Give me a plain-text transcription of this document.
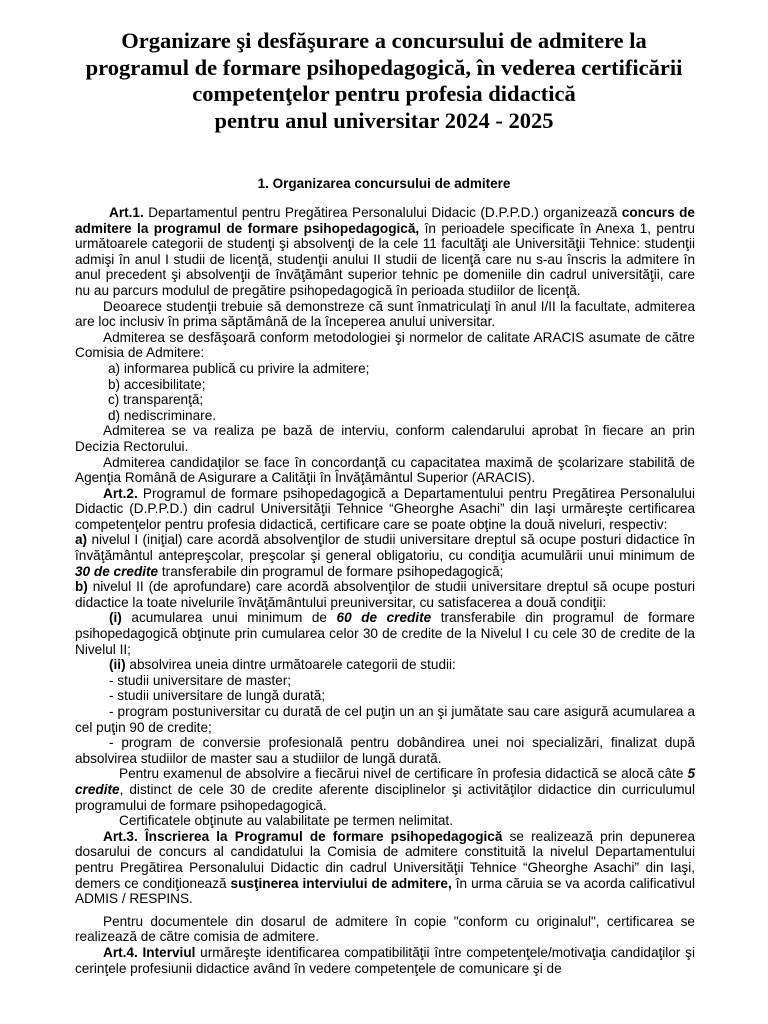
Organizare şi desfăşurare a concursului de admitere la
programul de formare psihopedagogică, în vederea certificării
competenţelor pentru profesia didactică
pentru anul universitar 2024 - 2025
1. Organizarea concursului de admitere

Art.1. Departamentul pentru Pregătirea Personalului Didacic (D.P.P.D.) organizează concurs de admitere la programul de formare psihopedagogică, în perioadele specificate în Anexa 1, pentru următoarele categorii de studenţi şi absolvenţi de la cele 11 facultăţi ale Universităţii Tehnice: studenţii admişi în anul I studii de licenţă, studenţii anului II studii de licenţă care nu s-au înscris la admitere în anul precedent şi absolvenţii de învăţământ superior tehnic pe domeniile din cadrul universităţii, care nu au parcurs modulul de pregătire psihopedagogică în perioada studiilor de licenţă.

Deoarece studenţii trebuie să demonstreze că sunt înmatriculaţi în anul I/II la facultate, admiterea are loc inclusiv în prima săptămână de la începerea anului universitar.

Admiterea se desfăşoară conform metodologiei şi normelor de calitate ARACIS asumate de către Comisia de Admitere:

a) informarea publică cu privire la admitere;

b) accesibilitate;

c) transparenţă;

d) nediscriminare.

Admiterea se va realiza pe bază de interviu, conform calendarului aprobat în fiecare an prin Decizia Rectorului.

Admiterea candidaţilor se face în concordanţă cu capacitatea maximă de şcolarizare stabilită de Agenţia Română de Asigurare a Calităţii în Învăţământul Superior (ARACIS).

Art.2. Programul de formare psihopedagogică a Departamentului pentru Pregătirea Personalului Didactic (D.P.P.D.) din cadrul Universităţii Tehnice “Gheorghe Asachi” din Iaşi urmăreşte certificarea competenţelor pentru profesia didactică, certificare care se poate obţine la două niveluri, respectiv:

a) nivelul I (iniţial) care acordă absolvenţilor de studii universitare dreptul să ocupe posturi didactice în învăţământul antepreşcolar, preşcolar şi general obligatoriu, cu condiţia acumulării unui minimum de 30 de credite transferabile din programul de formare psihopedagogică;

b) nivelul II (de aprofundare) care acordă absolvenţilor de studii universitare dreptul să ocupe posturi didactice la toate nivelurile învăţământului preuniversitar, cu satisfacerea a două condiţii:

(i) acumularea unui minimum de 60 de credite transferabile din programul de formare psihopedagogică obţinute prin cumularea celor 30 de credite de la Nivelul I cu cele 30 de credite de la Nivelul II;

(ii) absolvirea uneia dintre următoarele categorii de studii:

- studii universitare de master;

- studii universitare de lungă durată;

- program postuniversitar cu durată de cel puţin un an şi jumătate sau care asigură acumularea a cel puţin 90 de credite;

- program de conversie profesională pentru dobândirea unei noi specializări, finalizat după absolvirea studiilor de master sau a studiilor de lungă durată.

Pentru examenul de absolvire a fiecărui nivel de certificare în profesia didactică se alocă câte 5 credite, distinct de cele 30 de credite aferente disciplinelor şi activităţilor didactice din curriculumul programului de formare psihopedagogică.

Certificatele obţinute au valabilitate pe termen nelimitat.

Art.3. Înscrierea la Programul de formare psihopedagogică se realizează prin depunerea dosarului de concurs al candidatului la Comisia de admitere constituită la nivelul Departamentului pentru Pregătirea Personalului Didactic din cadrul Universităţii Tehnice “Gheorghe Asachi” din Iaşi, demers ce condiţionează susţinerea interviului de admitere, în urma căruia se va acorda calificativul ADMIS / RESPINS.

Pentru documentele din dosarul de admitere în copie "conform cu originalul", certificarea se realizează de către comisia de admitere.

Art.4. Interviul urmăreşte identificarea compatibilităţii între competenţele/motivaţia candidaţilor şi cerinţele profesiunii didactice având în vedere competenţele de comunicare şi de
